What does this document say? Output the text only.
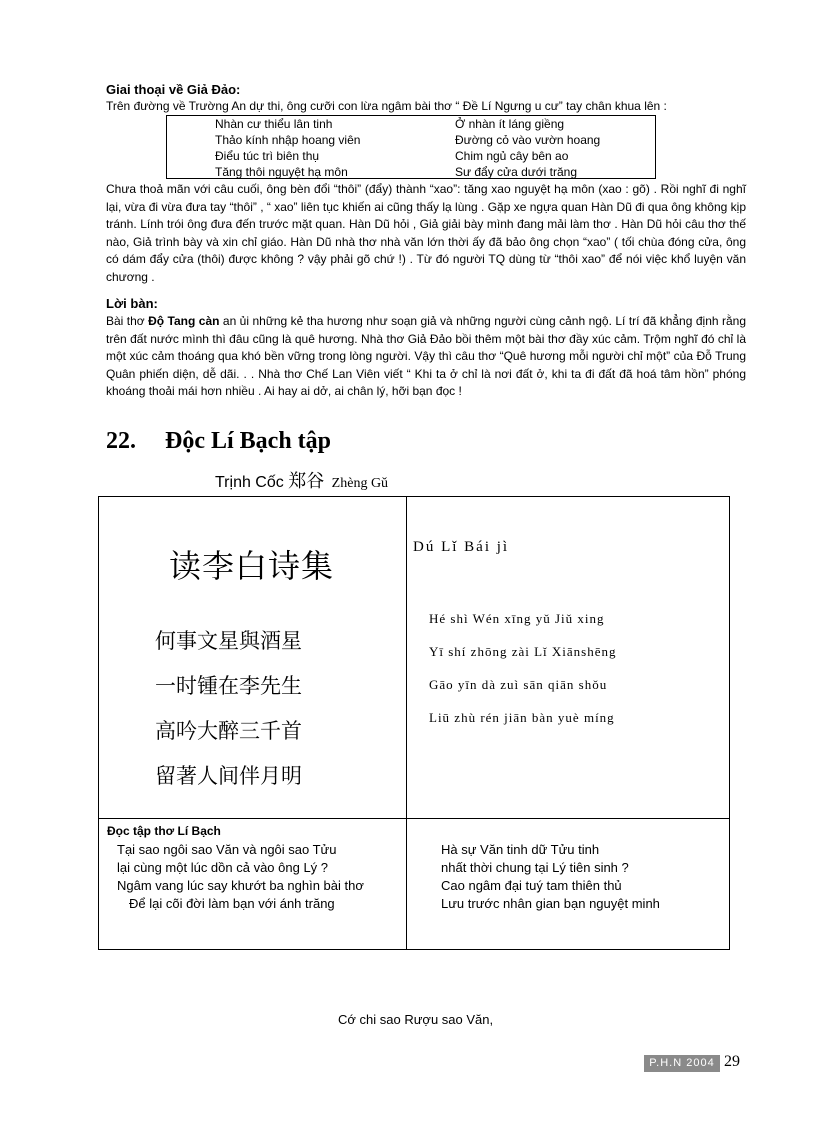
Giai thoại về Giả Đảo:
Trên đường về Trường An dự thi, ông cưỡi con lừa ngâm bài thơ “ Đề Lí Ngưng u cư” tay chân khua lên :
Nhàn cư thiểu lân tinh
Thảo kính nhập hoang viên
Điểu túc trì biên thụ
Tăng thôi nguyệt hạ môn
Ở nhàn ít láng giềng
Đường cỏ vào vườn hoang
Chim ngủ cây bên ao
Sư đẩy cửa dưới trăng

Chưa thoả mãn với câu cuối, ông bèn đổi “thôi” (đẩy) thành “xao”: tăng xao nguyệt hạ môn (xao : gõ) . Rồi nghĩ đi nghĩ lại, vừa đi vừa đưa tay “thôi” , “ xao” liên tục khiến ai cũng thấy lạ lùng . Gặp xe ngựa quan Hàn Dũ đi qua ông không kịp tránh. Lính trói ông đưa đến trước mặt quan. Hàn Dũ hỏi , Giả giải bày mình đang mải làm thơ . Hàn Dũ hỏi câu thơ thế nào, Giả trình bày và xin chỉ giáo. Hàn Dũ nhà thơ nhà văn lớn thời ấy đã bảo ông chọn “xao” ( tối chùa đóng cửa, ông có dám đẩy cửa (thôi) được không ? vậy phải gõ chứ !) . Từ đó người TQ dùng từ “thôi xao” để nói việc khổ luyện văn chương .

Lời bàn:

Bài thơ Độ Tang càn an ủi những kẻ tha hương như soạn giả và những người cùng cảnh ngộ. Lí trí đã khẳng định rằng trên đất nước mình thì đâu cũng là quê hương. Nhà thơ Giả Đảo bồi thêm một bài thơ đầy xúc cảm. Trộm nghĩ đó chỉ là một xúc cảm thoáng qua khó bền vững trong lòng người. Vậy thì câu thơ “Quê hương mỗi người chỉ một” của Đỗ Trung Quân phiến diện, dễ dãi. . . Nhà thơ Chế Lan Viên viết “ Khi ta ở chỉ là nơi đất ở, khi ta đi đất đã hoá tâm hồn” phóng khoáng thoải mái hơn nhiều . Ai hay ai dở, ai chân lý, hỡi bạn đọc !

22. Độc Lí Bạch tập
Trịnh Cốc 郑谷 Zhèng Gǔ
读李白诗集
何事文星與酒星
一时锺在李先生
高吟大醉三千首
留著人间伴月明
Dú Lǐ Bái jì
Hé shì Wén xīng yǔ Jiǔ xing
Yī shí zhōng zài Lǐ Xiānshēng
Gāo yīn dà zuì sān qiān shǒu
Liū zhù rén jiān bàn yuè míng
Đọc tập thơ Lí Bạch
Tại sao ngôi sao Văn và ngôi sao Tửu
lại cùng một lúc dồn cả vào ông Lý ?
Ngâm vang lúc say khướt ba nghìn bài thơ
Để lại cõi đời làm bạn với ánh trăng
Hà sự Văn tinh dữ Tửu tinh
nhất thời chung tại Lý tiên sinh ?
Cao ngâm đại tuý tam thiên thủ
Lưu trước nhân gian bạn nguyệt minh
Cớ chi sao Rượu sao Văn,
P.H.N 2004 29
